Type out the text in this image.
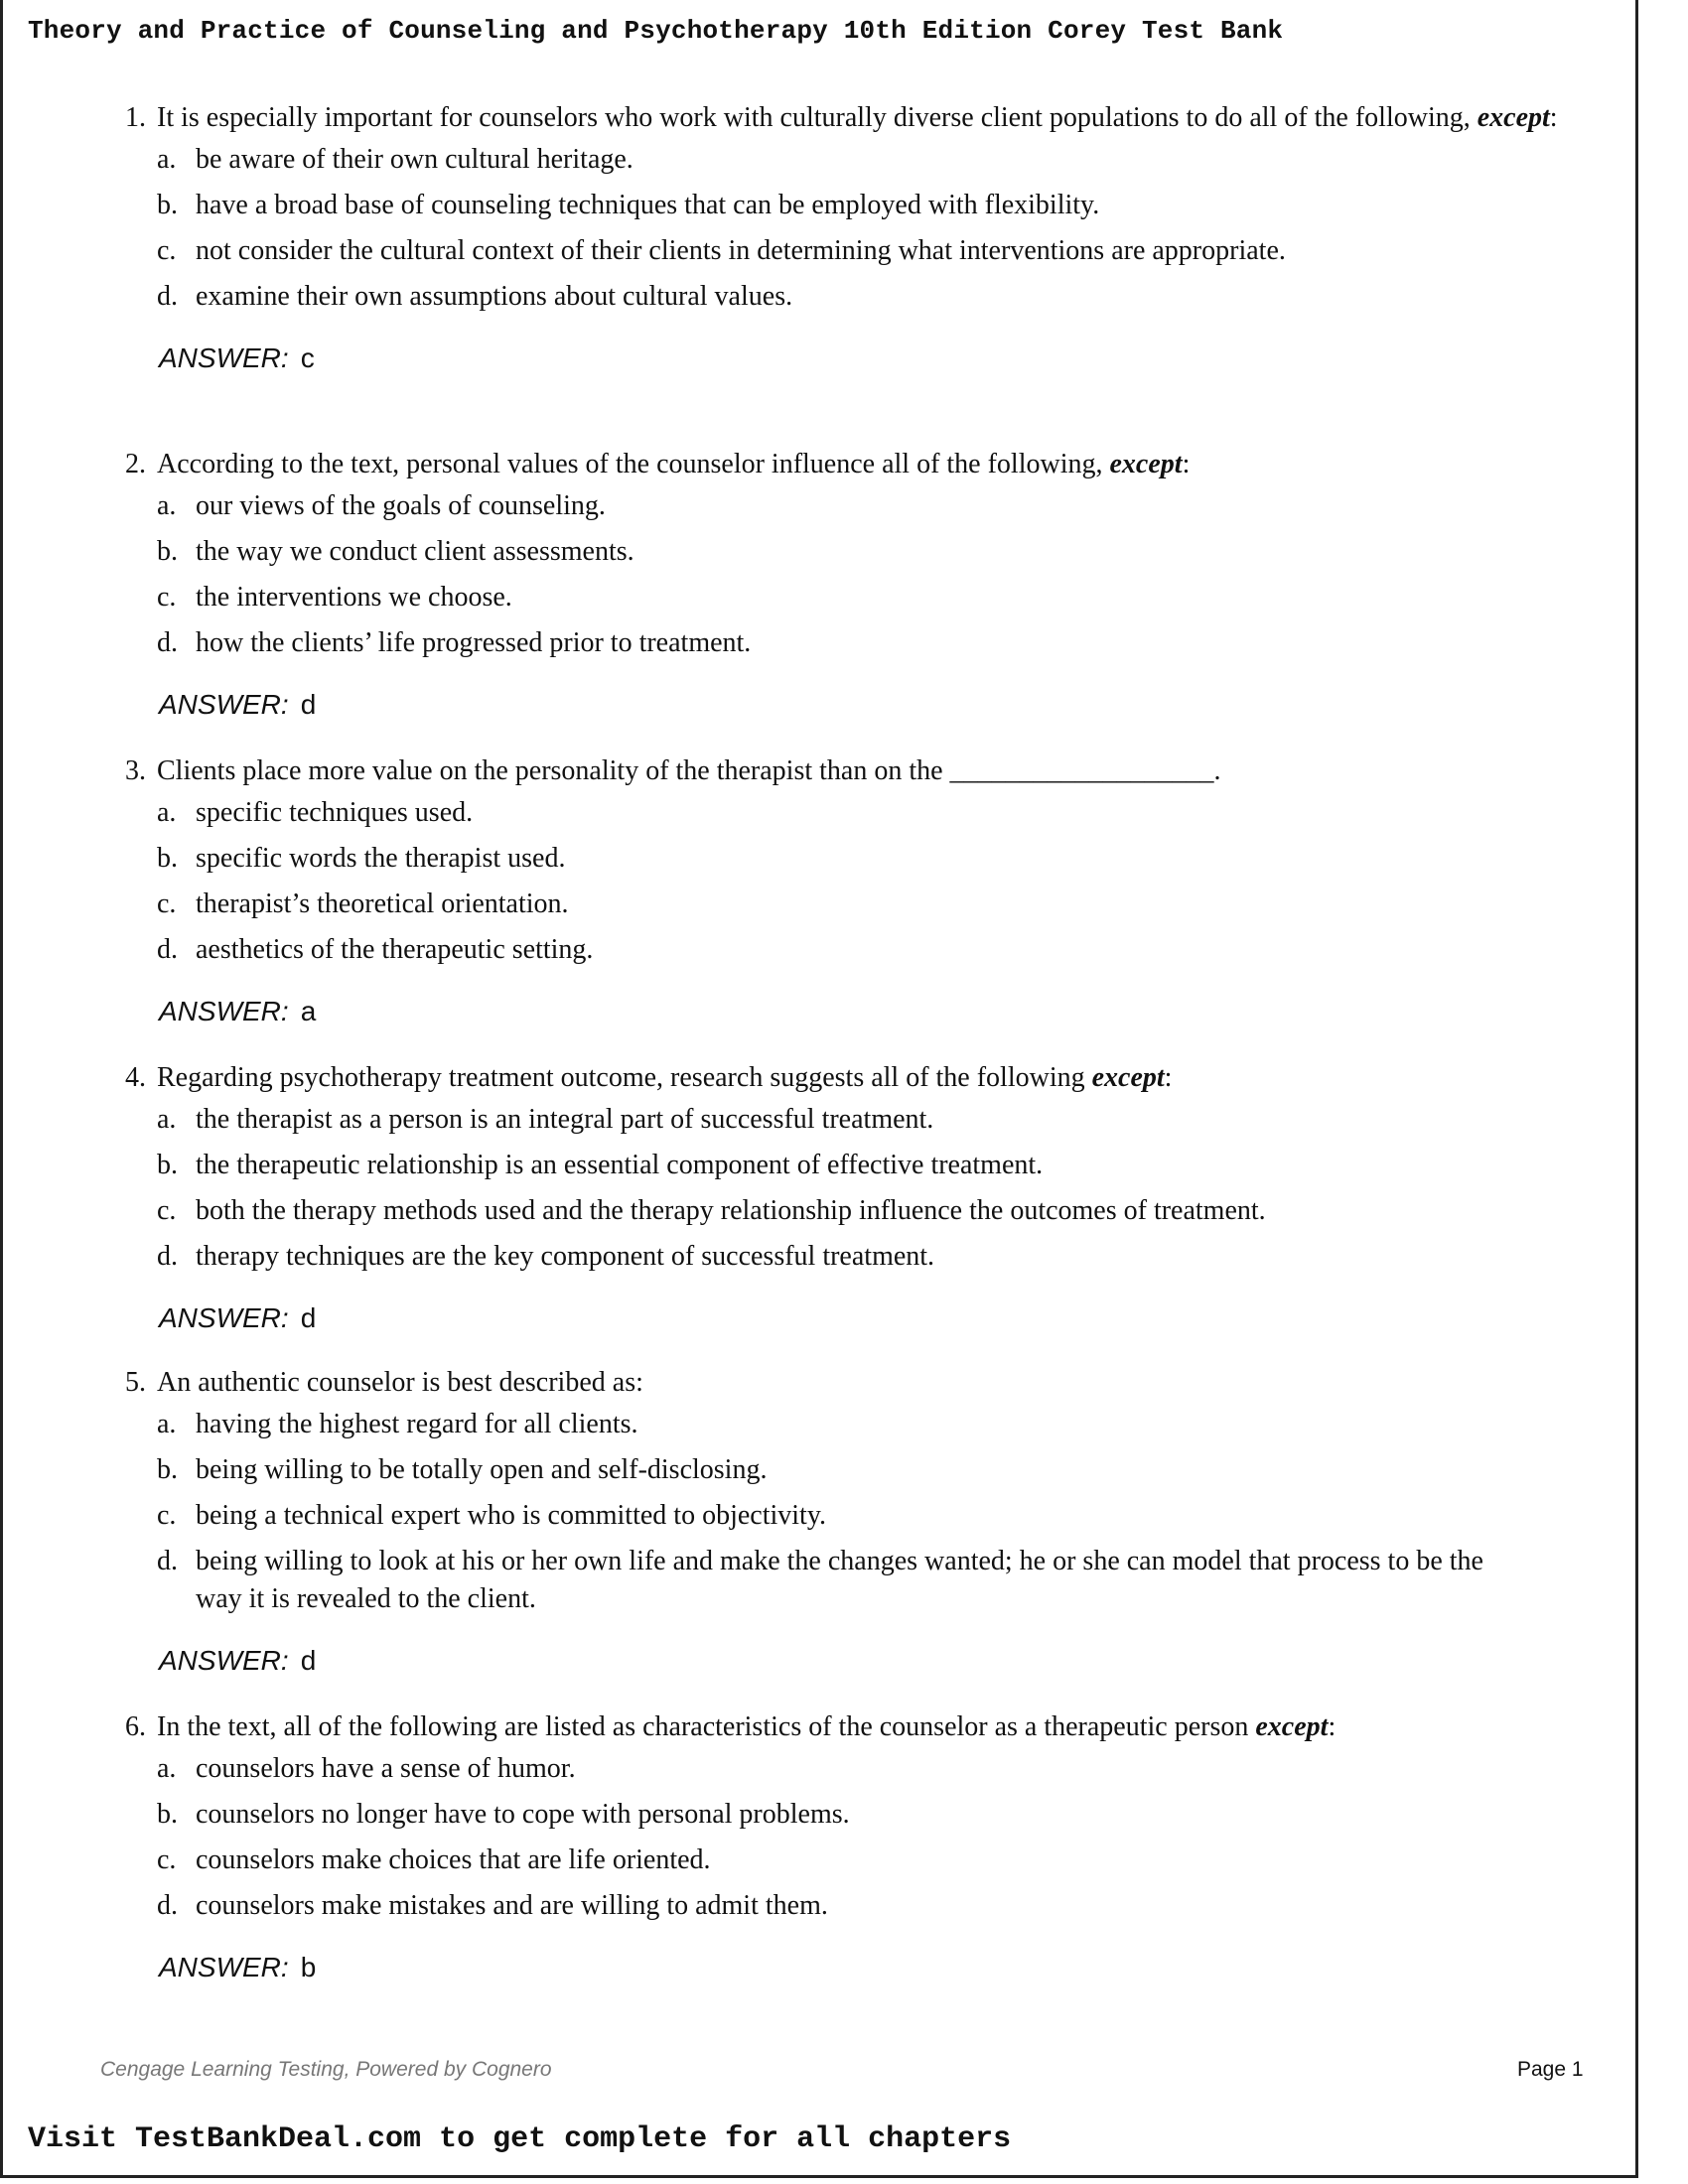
Theory and Practice of Counseling and Psychotherapy 10th Edition Corey Test Bank
1. It is especially important for counselors who work with culturally diverse client populations to do all of the following, except:
a. be aware of their own cultural heritage.
b. have a broad base of counseling techniques that can be employed with flexibility.
c. not consider the cultural context of their clients in determining what interventions are appropriate.
d. examine their own assumptions about cultural values.
ANSWER: c
2. According to the text, personal values of the counselor influence all of the following, except:
a. our views of the goals of counseling.
b. the way we conduct client assessments.
c. the interventions we choose.
d. how the clients’ life progressed prior to treatment.
ANSWER: d
3. Clients place more value on the personality of the therapist than on the ___________________.
a. specific techniques used.
b. specific words the therapist used.
c. therapist’s theoretical orientation.
d. aesthetics of the therapeutic setting.
ANSWER: a
4. Regarding psychotherapy treatment outcome, research suggests all of the following except:
a. the therapist as a person is an integral part of successful treatment.
b. the therapeutic relationship is an essential component of effective treatment.
c. both the therapy methods used and the therapy relationship influence the outcomes of treatment.
d. therapy techniques are the key component of successful treatment.
ANSWER: d
5. An authentic counselor is best described as:
a. having the highest regard for all clients.
b. being willing to be totally open and self-disclosing.
c. being a technical expert who is committed to objectivity.
d. being willing to look at his or her own life and make the changes wanted; he or she can model that process to be the way it is revealed to the client.
ANSWER: d
6. In the text, all of the following are listed as characteristics of the counselor as a therapeutic person except:
a. counselors have a sense of humor.
b. counselors no longer have to cope with personal problems.
c. counselors make choices that are life oriented.
d. counselors make mistakes and are willing to admit them.
ANSWER: b
Cengage Learning Testing, Powered by Cognero	Page 1
Visit TestBankDeal.com to get complete for all chapters
